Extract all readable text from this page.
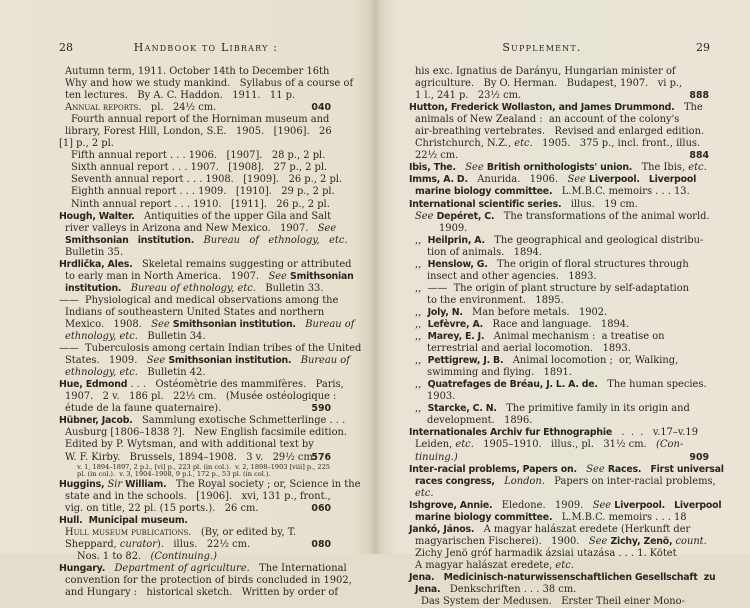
28	Handbook to Library :
Autumn term, 1911. October 14th to December 16th
Why and how we study mankind.   Syllabus of a course of
ten lectures.   By A. C. Haddon.   1911.   11 p.
Annual reports.   pl.   24½ cm.	040
Fourth annual report of the Horniman museum and
library, Forest Hill, London, S.E.   1905.   [1906].   26
[1] p., 2 pl.
Fifth annual report . . . 1906.   [1907].   28 p., 2 pl.
Sixth annual report . . . 1907.   [1908].   27 p., 2 pl.
Seventh annual report . . . 1908.   [1909].   26 p., 2 pl.
Eighth annual report . . . 1909.   [1910].   29 p., 2 pl.
Ninth annual report . . . 1910.   [1911].   26 p., 2 pl.
Hough, Walter.   Antiquities of the upper Gila and Salt
river valleys in Arizona and New Mexico.   1907.   See
Smithsonian   institution. Bureau   of   ethnology,   etc.
Bulletin 35.
Hrdlička, Ales.   Skeletal remains suggesting or attributed
to early man in North America.   1907.   See Smithsonian
institution. Bureau of ethnology, etc.   Bulletin 33.
——  Physiological and medical observations among the
Indians of southeastern United States and northern
Mexico.   1908.   See Smithsonian institution. Bureau of
ethnology, etc.   Bulletin 34.
——  Tuberculosis among certain Indian tribes of the United
States.   1909.   See Smithsonian institution. Bureau of
ethnology, etc.   Bulletin 42.
Hue, Edmond . . .   Ostéomètrie des mammifères.   Paris,
1907.   2 v.   186 pl.   22½ cm.   (Musée ostéologique :
étude de la faune quaternaire).	590
Hübner, Jacob.   Sammlung exotische Schmetterlinge . . .
Ausburg [1806–1838 ?].   New English facsimile edition.
Edited by P. Wytsman, and with additional text by
W. F. Kirby.   Brussels, 1894–1908.   3 v.   29½ cm.
576
v. 1, 1894–1897, 2 p.l., [vi] p., 223 pl. (in col.).  v. 2, 1898–1903 [viii] p., 225
pl. (in col.).  v. 3, 1904–1908, 9 p.l., 172 p., 53 pl. (in col.).
Huggins, Sir William.   The Royal society ; or, Science in the
state and in the schools.   [1906].   xvi, 131 p., front.,
vig. on title, 22 pl. (15 ports.).   26 cm.	060
Hull.  Municipal museum.
Hull museum publications.   (By, or edited by, T.
Sheppard, curator).   illus.   22½ cm.	080
Nos. 1 to 82.   (Continuing.)
Hungary. Department of agriculture.   The International
convention for the protection of birds concluded in 1902,
and Hungary :   historical sketch.   Written by order of
Supplement.	29
his exc. Ignatius de Darányu, Hungarian minister of
agriculture.   By O. Herman.   Budapest, 1907.   vi p.,
1 l., 241 p.   23½ cm.	888
Hutton, Frederick Wollaston, and James Drummond.   The
animals of New Zealand :  an account of the colony's
air-breathing vertebrates.   Revised and enlarged edition.
Christchurch, N.Z., etc.   1905.   375 p., incl. front., illus.
22½ cm.	884
Ibis, The. See British ornithologists' union.   The Ibis, etc.
Imms, A. D.   Anurida.   1906.   See Liverpool.   Liverpool
marine biology committee.   L.M.B.C. memoirs . . . 13.
International scientific series.   illus.   19 cm.
See Depéret, C.   The transformations of the animal world.
1909.
,,  Heilprin, A.   The geographical and geological distribu-
tion of animals.   1894.
,,  Henslow, G.   The origin of floral structures through
insect and other agencies.   1893.
,,  ——  The origin of plant structure by self-adaptation
to the environment.   1895.
,,  Joly, N.   Man before metals.   1902.
,,  Lefèvre, A.   Race and language.   1894.
,,  Marey, E. J.   Animal mechanism :  a treatise on
terrestrial and aerial locomotion.   1893.
,,  Pettigrew, J. B.   Animal locomotion ;  or, Walking,
swimming and flying.   1891.
,,  Quatrefages de Bréau, J. L. A. de.   The human species.
1903.
,,  Starcke, C. N.   The primitive family in its origin and
development.   1896.
Internationales Archiv fur Ethnographie   .  .  .   v.17–v.19
Leiden, etc.   1905–1910.   illus., pl.   31½ cm.   (Con-
tinuing.)	909
Inter-racial problems, Papers on. See Races.   First universal
races congress, London.   Papers on inter-racial problems,
etc.
Ishgrove, Annie.   Eledone.   1909.   See Liverpool.   Liverpool
marine biology committee.   L.M.B.C. memoirs . . . 18
Jankó, János.   A magyar halászat eredete (Herkunft der
magyarischen Fischerei).   1900.   See Zichy, Zenö, count.
Zichy Jenö gróf harmadik ázsiai utazása . . . 1. Kötet
A magyar halászat eredete, etc.
Jena.   Medicinisch-naturwissenschaftlichen Gesellschaft  zu
Jena.   Denkschriften . . . 38 cm.
Das System der Medusen.   Erster Theil einer Mono-
